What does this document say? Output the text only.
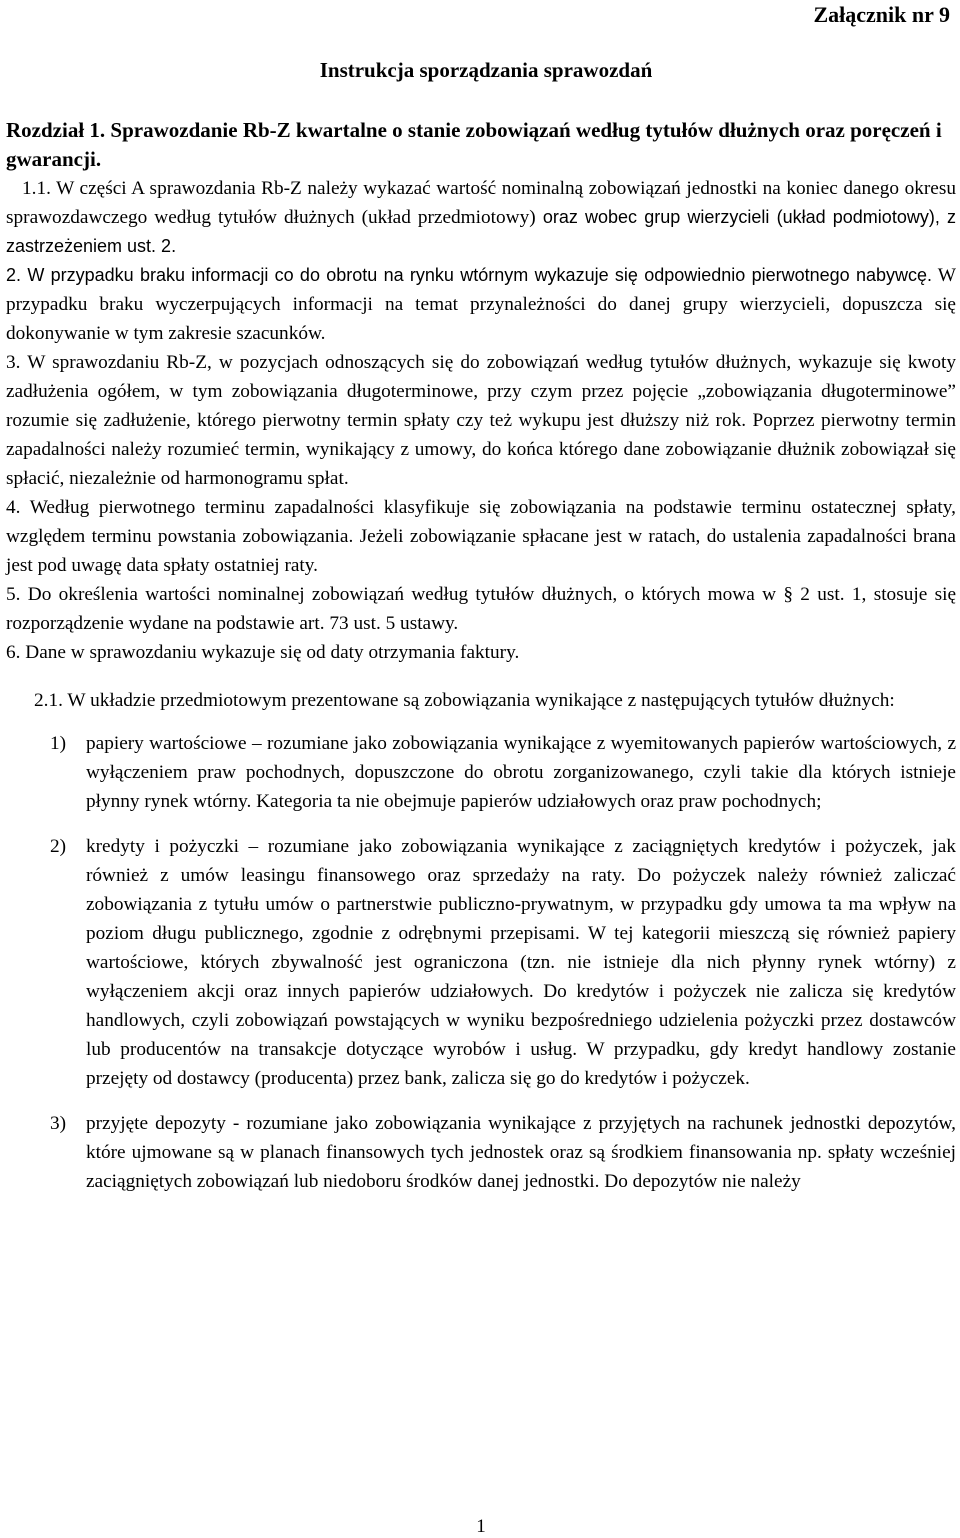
Załącznik nr 9
Instrukcja sporządzania sprawozdań
Rozdział 1. Sprawozdanie Rb-Z kwartalne o stanie zobowiązań według tytułów dłużnych oraz poręczeń i gwarancji.

1.1. W części A sprawozdania Rb-Z należy wykazać wartość nominalną zobowiązań jednostki na koniec danego okresu sprawozdawczego według tytułów dłużnych (układ przedmiotowy) oraz wobec grup wierzycieli (układ podmiotowy), z zastrzeżeniem ust. 2.

2. W przypadku braku informacji co do obrotu na rynku wtórnym wykazuje się odpowiednio pierwotnego nabywcę. W przypadku braku wyczerpujących informacji na temat przynależności do danej grupy wierzycieli, dopuszcza się dokonywanie w tym zakresie szacunków.

3. W sprawozdaniu Rb-Z, w pozycjach odnoszących się do zobowiązań według tytułów dłużnych, wykazuje się kwoty zadłużenia ogółem, w tym zobowiązania długoterminowe, przy czym przez pojęcie „zobowiązania długoterminowe” rozumie się zadłużenie, którego pierwotny termin spłaty czy też wykupu jest dłuższy niż rok. Poprzez pierwotny termin zapadalności należy rozumieć termin, wynikający z umowy, do końca którego dane zobowiązanie dłużnik zobowiązał się spłacić, niezależnie od harmonogramu spłat.

4. Według pierwotnego terminu zapadalności klasyfikuje się zobowiązania na podstawie terminu ostatecznej spłaty, względem terminu powstania zobowiązania. Jeżeli zobowiązanie spłacane jest w ratach, do ustalenia zapadalności brana jest pod uwagę data spłaty ostatniej raty.

5. Do określenia wartości nominalnej zobowiązań według tytułów dłużnych, o których mowa w § 2 ust. 1, stosuje się rozporządzenie wydane na podstawie art. 73 ust. 5 ustawy.

6. Dane w sprawozdaniu wykazuje się od daty otrzymania faktury.

2.1. W układzie przedmiotowym prezentowane są zobowiązania wynikające z następujących tytułów dłużnych:

1) papiery wartościowe – rozumiane jako zobowiązania wynikające z wyemitowanych papierów wartościowych, z wyłączeniem praw pochodnych, dopuszczone do obrotu zorganizowanego, czyli takie dla których istnieje płynny rynek wtórny. Kategoria ta nie obejmuje papierów udziałowych oraz praw pochodnych;
2) kredyty i pożyczki – rozumiane jako zobowiązania wynikające z zaciągniętych kredytów i pożyczek, jak również z umów leasingu finansowego oraz sprzedaży na raty. Do pożyczek należy również zaliczać zobowiązania z tytułu umów o partnerstwie publiczno-prywatnym, w przypadku gdy umowa ta ma wpływ na poziom długu publicznego, zgodnie z odrębnymi przepisami. W tej kategorii mieszczą się również papiery wartościowe, których zbywalność jest ograniczona (tzn. nie istnieje dla nich płynny rynek wtórny) z wyłączeniem akcji oraz innych papierów udziałowych. Do kredytów i pożyczek nie zalicza się kredytów handlowych, czyli zobowiązań powstających w wyniku bezpośredniego udzielenia pożyczki przez dostawców lub producentów na transakcje dotyczące wyrobów i usług. W przypadku, gdy kredyt handlowy zostanie przejęty od dostawcy (producenta) przez bank, zalicza się go do kredytów i pożyczek.
3) przyjęte depozyty - rozumiane jako zobowiązania wynikające z przyjętych na rachunek jednostki depozytów, które ujmowane są w planach finansowych tych jednostek oraz są środkiem finansowania np. spłaty wcześniej zaciągniętych zobowiązań lub niedoboru środków danej jednostki. Do depozytów nie należy
1
